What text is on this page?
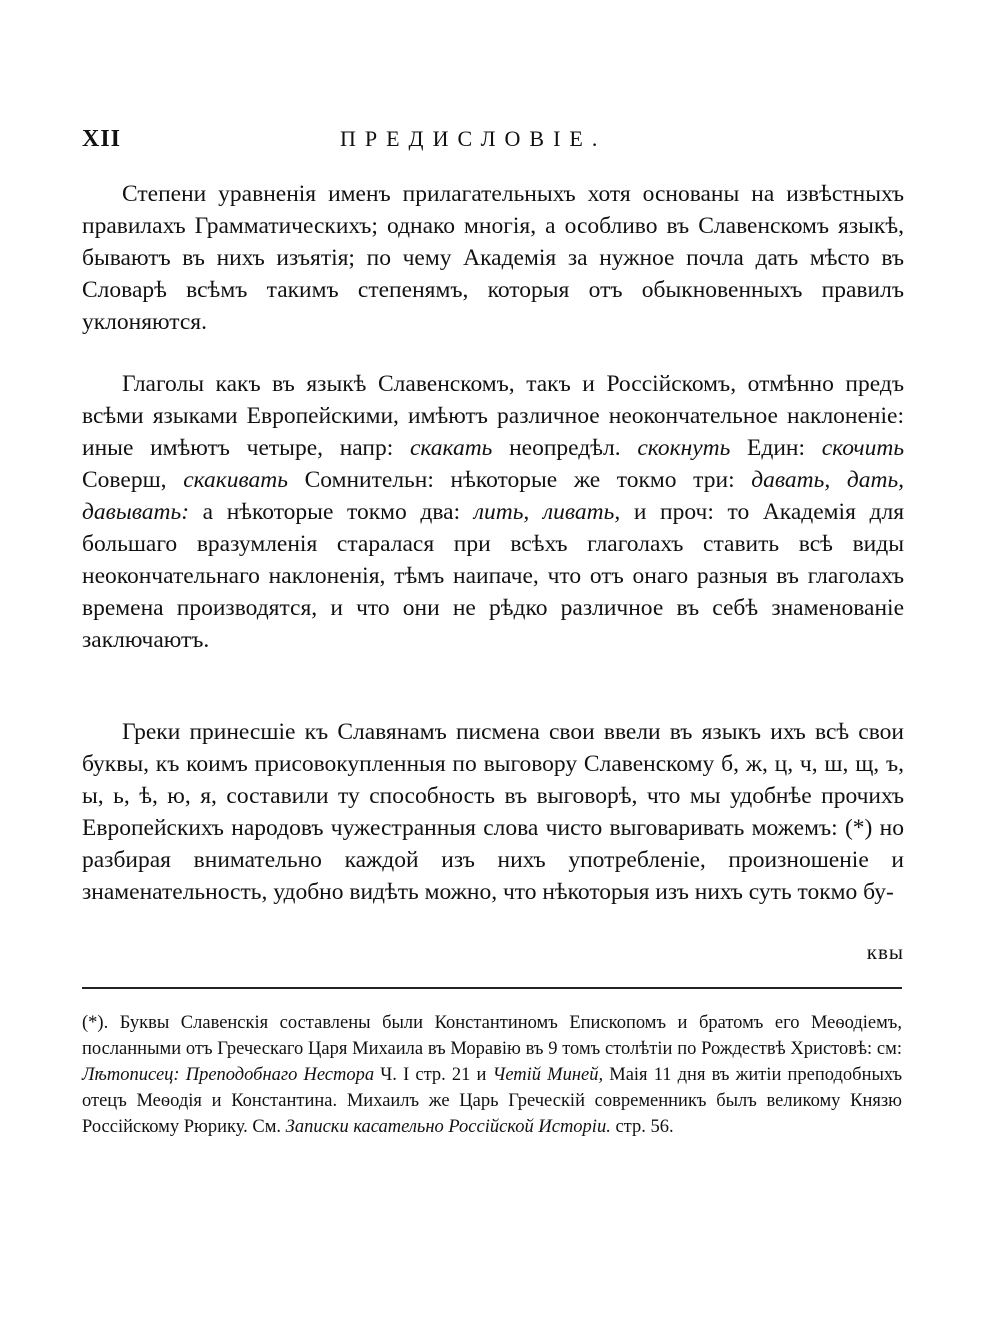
XII	ПРЕДИСЛОВІЕ.

Степени уравненія именъ прилагательныхъ хотя основаны на извѣстныхъ правилахъ Грамматическихъ; однако многія, а особливо въ Славенскомъ языкѣ, бываютъ въ нихъ изъятія; по чему Академія за нужное почла дать мѣсто въ Словарѣ всѣмъ такимъ степенямъ, которыя отъ обыкновенныхъ правилъ уклоняются.

Глаголы какъ въ языкѣ Славенскомъ, такъ и Россійскомъ, отмѣнно предъ всѣми языками Европейскими, имѣютъ различное неокончательное наклоненіе: иные имѣютъ четыре, напр: скакать неопредѣл. скокнуть Един: скочить Соверш, скакивать Сомнительн: нѣкоторые же токмо три: давать, дать, давывать: а нѣкоторые токмо два: лить, ливать, и проч: то Академія для большаго вразумленія старалася при всѣхъ глаголахъ ставить всѣ виды неокончательнаго наклоненія, тѣмъ наипаче, что отъ онаго разныя въ глаголахъ времена производятся, и что они не рѣдко различное въ себѣ знаменованіе заключаютъ.

Греки принесшіе къ Славянамъ писмена свои ввели въ языкъ ихъ всѣ свои буквы, къ коимъ присовокупленныя по выговору Славенскому б, ж, ц, ч, ш, щ, ъ, ы, ь, ѣ, ю, я, составили ту способность въ выговорѣ, что мы удобнѣе прочихъ Европейскихъ народовъ чужестранныя слова чисто выговаривать можемъ: (*) но разбирая внимательно каждой изъ нихъ употребленіе, произношеніе и знаменательность, удобно видѣть можно, что нѣкоторыя изъ нихъ суть токмо бу-

квы

(*). Буквы Славенскія составлены были Константиномъ Епископомъ и братомъ его Меѳодіемъ, посланными отъ Греческаго Царя Михаила въ Моравію въ 9 томъ столѣтіи по Рождествѣ Христовѣ: см: Лѣтописец: Преподобнаго Нестора Ч. I стр. 21 и Четій Миней, Маія 11 дня въ житіи преподобныхъ отецъ Меѳодія и Константина. Михаилъ же Царь Греческій современникъ былъ великому Князю Россійскому Рюрику. См. Записки касательно Россійской Исторіи. стр. 56.
